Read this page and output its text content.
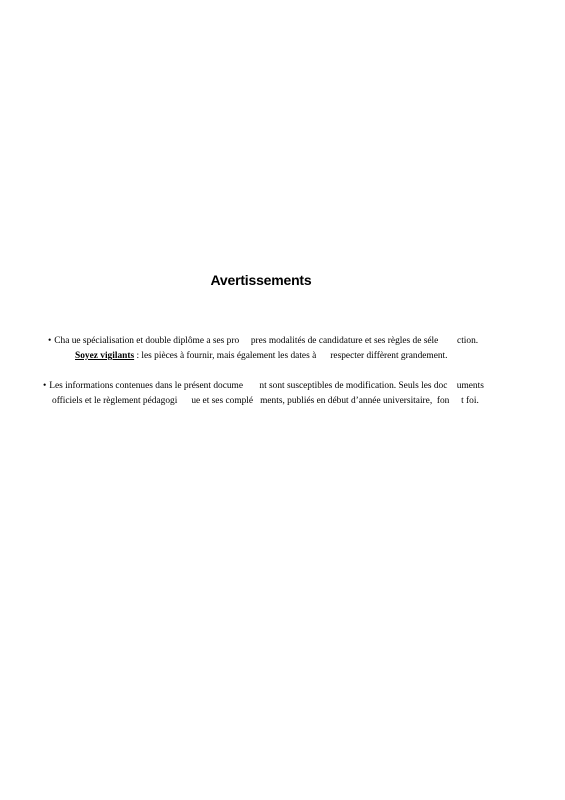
Avertissements
• Cha ue spécialisation et double diplôme a ses pro     pres modalités de candidature et ses règles de séle        ction.
Soyez vigilants : les pièces à fournir, mais également les dates à      respecter diffèrent grandement.
• Les informations contenues dans le présent docume       nt sont susceptibles de modification. Seuls les doc    uments
officiels et le règlement pédagogi      ue et ses complé   ments, publiés en début d’année universitaire,  fon     t foi.
